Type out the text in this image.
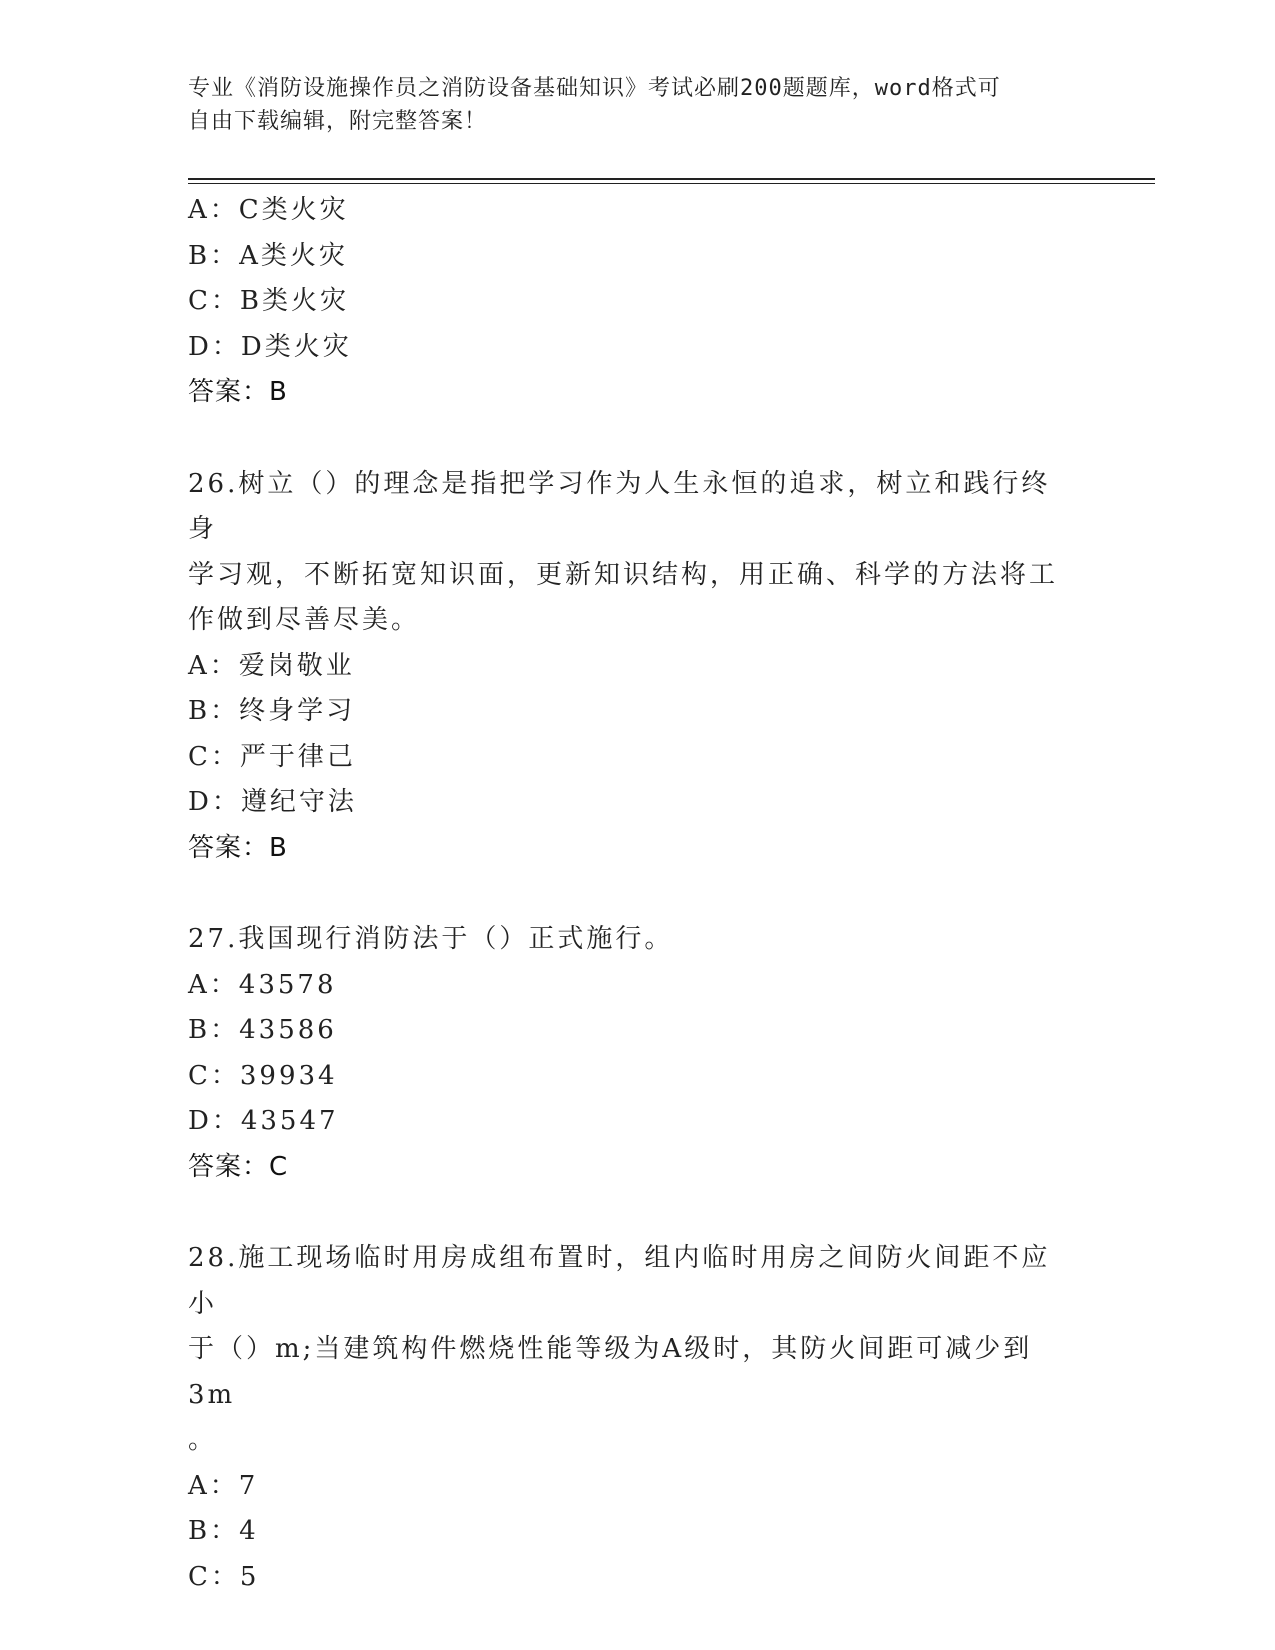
专业《消防设施操作员之消防设备基础知识》考试必刷200题题库，word格式可
自由下载编辑，附完整答案！
A：C类火灾
B：A类火灾
C：B类火灾
D：D类火灾
答案：B
26.树立（）的理念是指把学习作为人生永恒的追求，树立和践行终身
学习观，不断拓宽知识面，更新知识结构，用正确、科学的方法将工
作做到尽善尽美。
A：爱岗敬业
B：终身学习
C：严于律己
D：遵纪守法
答案：B
27.我国现行消防法于（）正式施行。
A：43578
B：43586
C：39934
D：43547
答案：C
28.施工现场临时用房成组布置时，组内临时用房之间防火间距不应小
于（）m;当建筑构件燃烧性能等级为A级时，其防火间距可减少到3m
。
A：7
B：4
C：5
